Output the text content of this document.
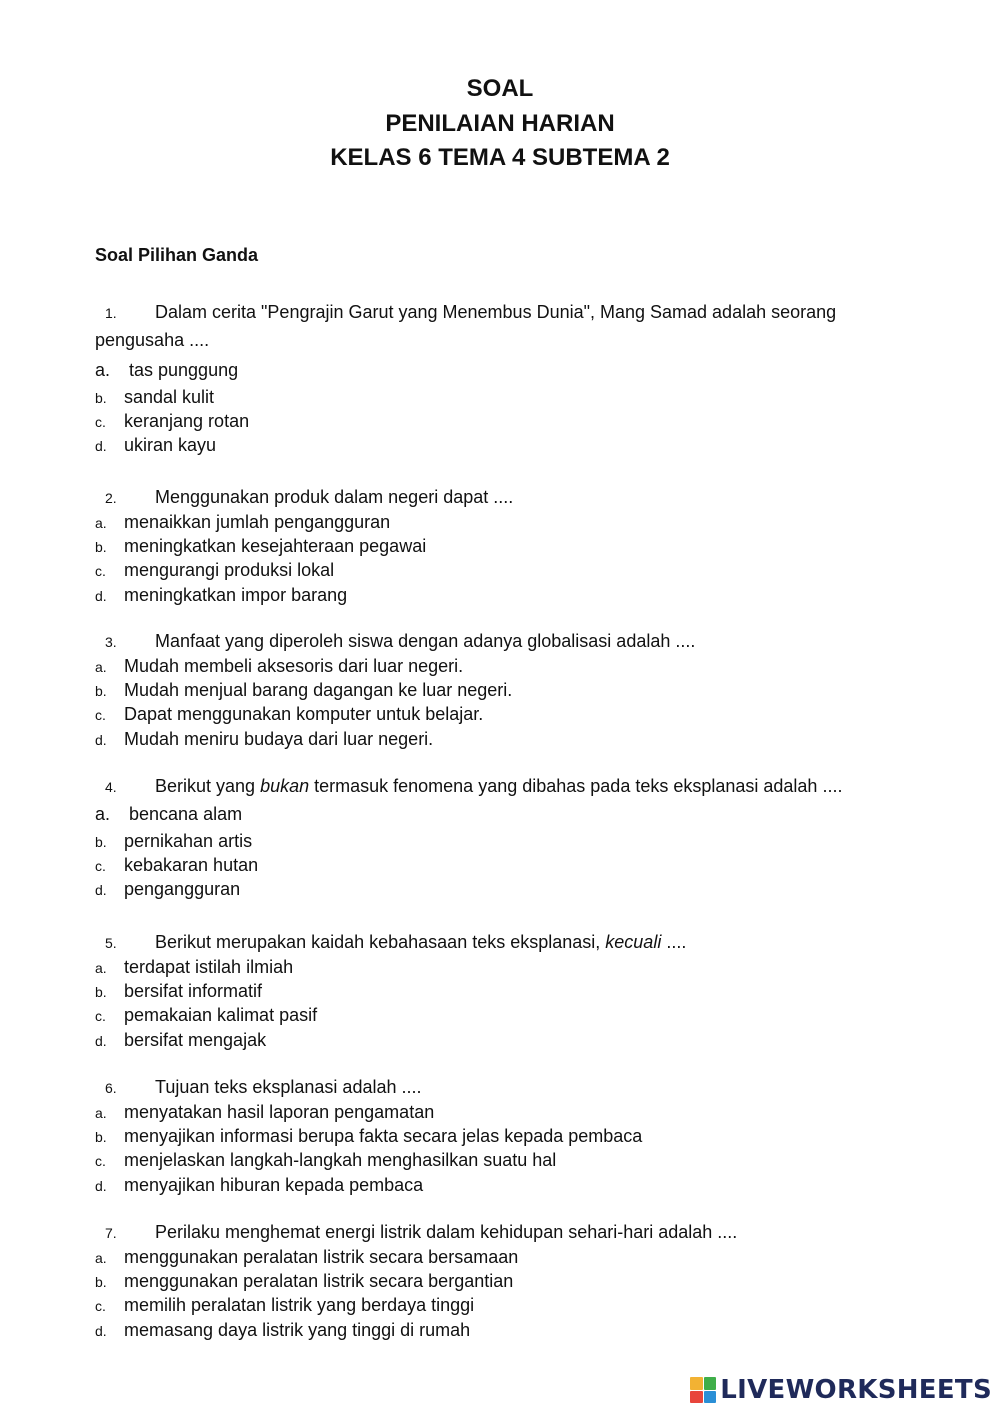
SOAL
PENILAIAN HARIAN
KELAS 6 TEMA 4 SUBTEMA 2
Soal Pilihan Ganda
1. Dalam cerita "Pengrajin Garut yang Menembus Dunia", Mang Samad adalah seorang
pengusaha ....
a. tas punggung
b. sandal kulit
c. keranjang rotan
d. ukiran kayu
2. Menggunakan produk dalam negeri dapat ....
a. menaikkan jumlah pengangguran
b. meningkatkan kesejahteraan pegawai
c. mengurangi produksi lokal
d. meningkatkan impor barang
3. Manfaat yang diperoleh siswa dengan adanya globalisasi adalah ....
a. Mudah membeli aksesoris dari luar negeri.
b. Mudah menjual barang dagangan ke luar negeri.
c. Dapat menggunakan komputer untuk belajar.
d. Mudah meniru budaya dari luar negeri.
4. Berikut yang bukan termasuk fenomena yang dibahas pada teks eksplanasi adalah ....
a. bencana alam
b. pernikahan artis
c. kebakaran hutan
d. pengangguran
5. Berikut merupakan kaidah kebahasaan teks eksplanasi, kecuali ....
a. terdapat istilah ilmiah
b. bersifat informatif
c. pemakaian kalimat pasif
d. bersifat mengajak
6. Tujuan teks eksplanasi adalah ....
a. menyatakan hasil laporan pengamatan
b. menyajikan informasi berupa fakta secara jelas kepada pembaca
c. menjelaskan langkah-langkah menghasilkan suatu hal
d. menyajikan hiburan kepada pembaca
7. Perilaku menghemat energi listrik dalam kehidupan sehari-hari adalah ....
a. menggunakan peralatan listrik secara bersamaan
b. menggunakan peralatan listrik secara bergantian
c. memilih peralatan listrik yang berdaya tinggi
d. memasang daya listrik yang tinggi di rumah
LIVEWORKSHEETS
